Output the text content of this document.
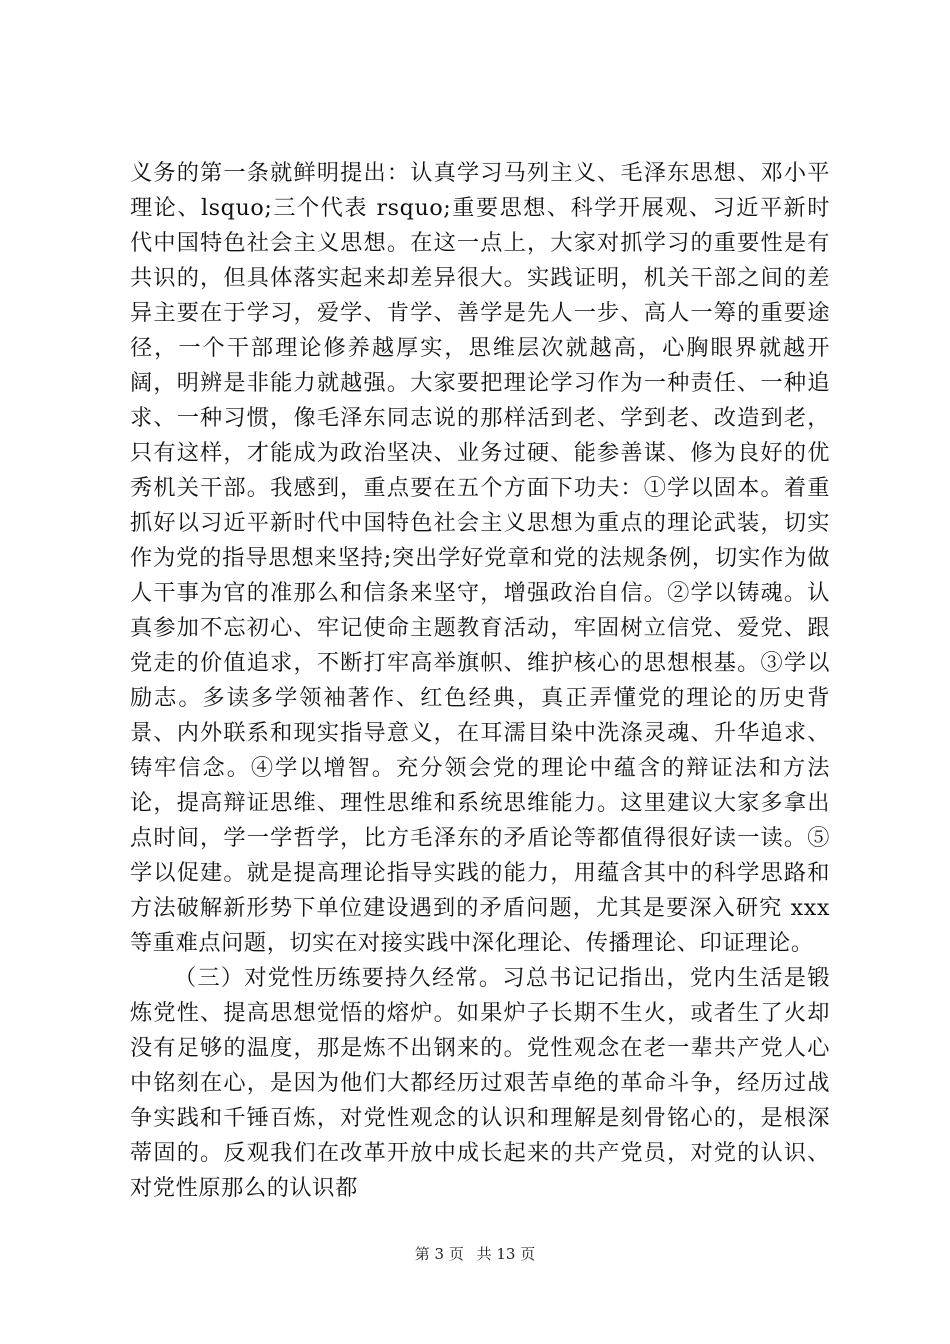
义务的第一条就鲜明提出：认真学习马列主义、毛泽东思想、邓小平理论、lsquo;三个代表 rsquo;重要思想、科学开展观、习近平新时代中国特色社会主义思想。在这一点上，大家对抓学习的重要性是有共识的，但具体落实起来却差异很大。实践证明，机关干部之间的差异主要在于学习，爱学、肯学、善学是先人一步、高人一筹的重要途径，一个干部理论修养越厚实，思维层次就越高，心胸眼界就越开阔，明辨是非能力就越强。大家要把理论学习作为一种责任、一种追求、一种习惯，像毛泽东同志说的那样活到老、学到老、改造到老，只有这样，才能成为政治坚决、业务过硬、能参善谋、修为良好的优秀机关干部。我感到，重点要在五个方面下功夫：①学以固本。着重抓好以习近平新时代中国特色社会主义思想为重点的理论武装，切实作为党的指导思想来坚持;突出学好党章和党的法规条例，切实作为做人干事为官的准那么和信条来坚守，增强政治自信。②学以铸魂。认真参加不忘初心、牢记使命主题教育活动，牢固树立信党、爱党、跟党走的价值追求，不断打牢高举旗帜、维护核心的思想根基。③学以励志。多读多学领袖著作、红色经典，真正弄懂党的理论的历史背景、内外联系和现实指导意义，在耳濡目染中洗涤灵魂、升华追求、铸牢信念。④学以增智。充分领会党的理论中蕴含的辩证法和方法论，提高辩证思维、理性思维和系统思维能力。这里建议大家多拿出点时间，学一学哲学，比方毛泽东的矛盾论等都值得很好读一读。⑤学以促建。就是提高理论指导实践的能力，用蕴含其中的科学思路和方法破解新形势下单位建设遇到的矛盾问题，尤其是要深入研究 xxx 等重难点问题，切实在对接实践中深化理论、传播理论、印证理论。

（三）对党性历练要持久经常。习总书记记指出，党内生活是锻炼党性、提高思想觉悟的熔炉。如果炉子长期不生火，或者生了火却没有足够的温度，那是炼不出钢来的。党性观念在老一辈共产党人心中铭刻在心，是因为他们大都经历过艰苦卓绝的革命斗争，经历过战争实践和千锤百炼，对党性观念的认识和理解是刻骨铭心的，是根深蒂固的。反观我们在改革开放中成长起来的共产党员，对党的认识、对党性原那么的认识都

第 3 页 共 13 页
